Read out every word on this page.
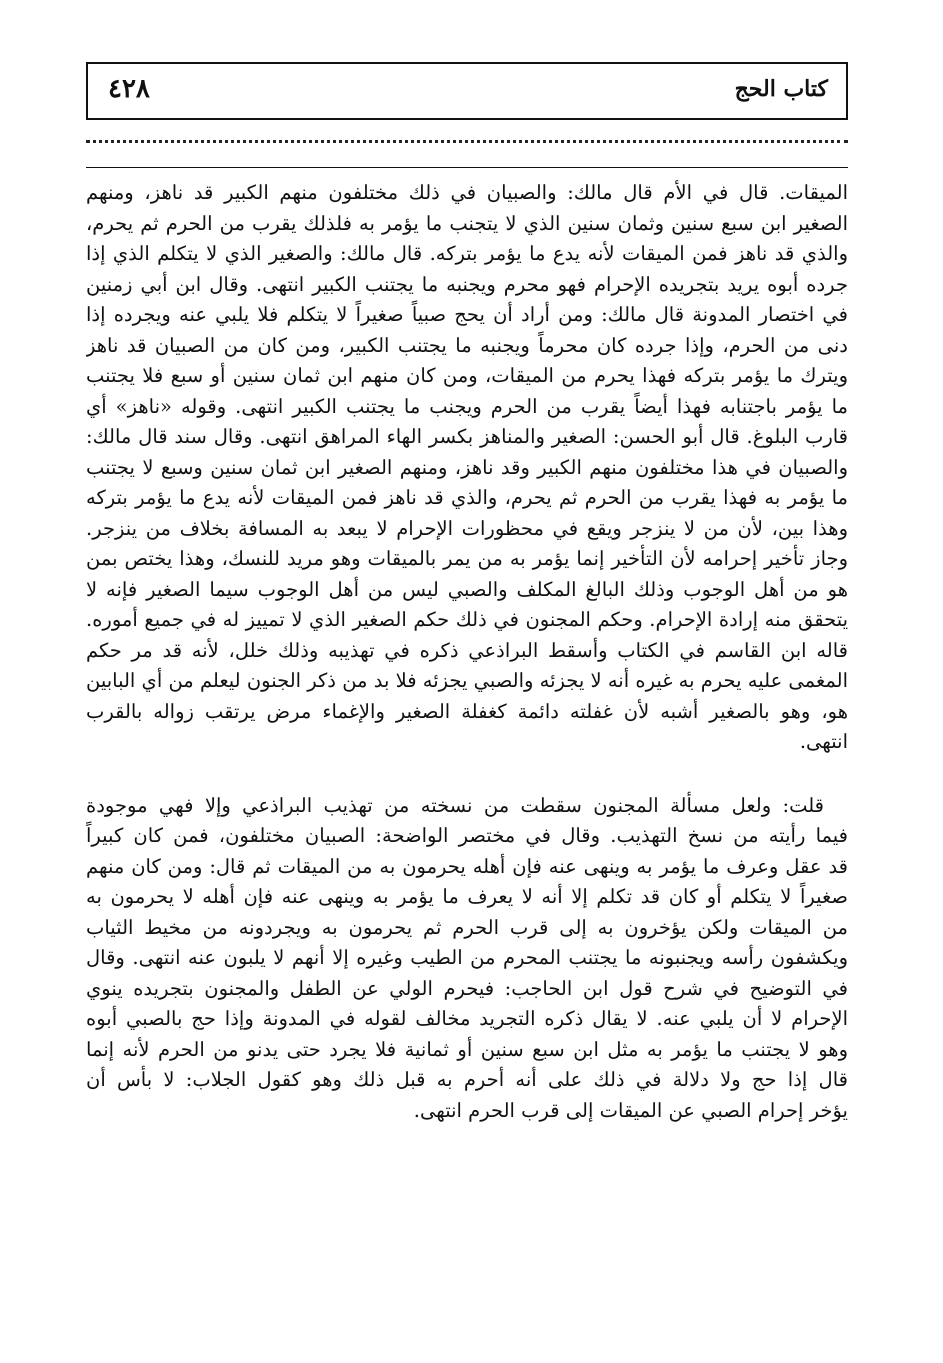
٤٢٨	كتاب الحج
الميقات. قال في الأم قال مالك: والصبيان في ذلك مختلفون منهم الكبير قد ناهز، ومنهم
الصغير ابن سبع سنين وثمان سنين الذي لا يتجنب ما يؤمر به فلذلك يقرب من الحرم ثم يحرم،
والذي قد ناهز فمن الميقات لأنه يدع ما يؤمر بتركه. قال مالك: والصغير الذي لا يتكلم الذي إذا
جرده أبوه يريد بتجريده الإحرام فهو محرم ويجنبه ما يجتنب الكبير انتهى. وقال ابن أبي زمنين
في اختصار المدونة قال مالك: ومن أراد أن يحج صبياً صغيراً لا يتكلم فلا يلبي عنه ويجرده إذا
دنى من الحرم، وإذا جرده كان محرماً ويجنبه ما يجتنب الكبير، ومن كان من الصبيان قد ناهز
ويترك ما يؤمر بتركه فهذا يحرم من الميقات، ومن كان منهم ابن ثمان سنين أو سبع فلا يجتنب
ما يؤمر باجتنابه فهذا أيضاً يقرب من الحرم ويجنب ما يجتنب الكبير انتهى. وقوله «ناهز» أي
قارب البلوغ. قال أبو الحسن: الصغير والمناهز بكسر الهاء المراهق انتهى. وقال سند قال مالك:
والصبيان في هذا مختلفون منهم الكبير وقد ناهز، ومنهم الصغير ابن ثمان سنين وسبع لا يجتنب
ما يؤمر به فهذا يقرب من الحرم ثم يحرم، والذي قد ناهز فمن الميقات لأنه يدع ما يؤمر بتركه
وهذا بين، لأن من لا ينزجر ويقع في محظورات الإحرام لا يبعد به المسافة بخلاف من ينزجر.
وجاز تأخير إحرامه لأن التأخير إنما يؤمر به من يمر بالميقات وهو مريد للنسك، وهذا يختص بمن
هو من أهل الوجوب وذلك البالغ المكلف والصبي ليس من أهل الوجوب سيما الصغير فإنه لا
يتحقق منه إرادة الإحرام. وحكم المجنون في ذلك حكم الصغير الذي لا تمييز له في جميع أموره.
قاله ابن القاسم في الكتاب وأسقط البراذعي ذكره في تهذيبه وذلك خلل، لأنه قد مر حكم
المغمى عليه يحرم به غيره أنه لا يجزئه والصبي يجزئه فلا بد من ذكر الجنون ليعلم من أي البابين
هو، وهو بالصغير أشبه لأن غفلته دائمة كغفلة الصغير والإغماء مرض يرتقب زواله بالقرب
انتهى.
قلت: ولعل مسألة المجنون سقطت من نسخته من تهذيب البراذعي وإلا فهي موجودة
فيما رأيته من نسخ التهذيب. وقال في مختصر الواضحة: الصبيان مختلفون، فمن كان كبيراً
قد عقل وعرف ما يؤمر به وينهى عنه فإن أهله يحرمون به من الميقات ثم قال: ومن كان منهم
صغيراً لا يتكلم أو كان قد تكلم إلا أنه لا يعرف ما يؤمر به وينهى عنه فإن أهله لا يحرمون به
من الميقات ولكن يؤخرون به إلى قرب الحرم ثم يحرمون به ويجردونه من مخيط الثياب
ويكشفون رأسه ويجنبونه ما يجتنب المحرم من الطيب وغيره إلا أنهم لا يلبون عنه انتهى. وقال
في التوضيح في شرح قول ابن الحاجب: فيحرم الولي عن الطفل والمجنون بتجريده ينوي
الإحرام لا أن يلبي عنه. لا يقال ذكره التجريد مخالف لقوله في المدونة وإذا حج بالصبي أبوه
وهو لا يجتنب ما يؤمر به مثل ابن سبع سنين أو ثمانية فلا يجرد حتى يدنو من الحرم لأنه إنما
قال إذا حج ولا دلالة في ذلك على أنه أحرم به قبل ذلك وهو كقول الجلاب: لا بأس أن
يؤخر إحرام الصبي عن الميقات إلى قرب الحرم انتهى.
